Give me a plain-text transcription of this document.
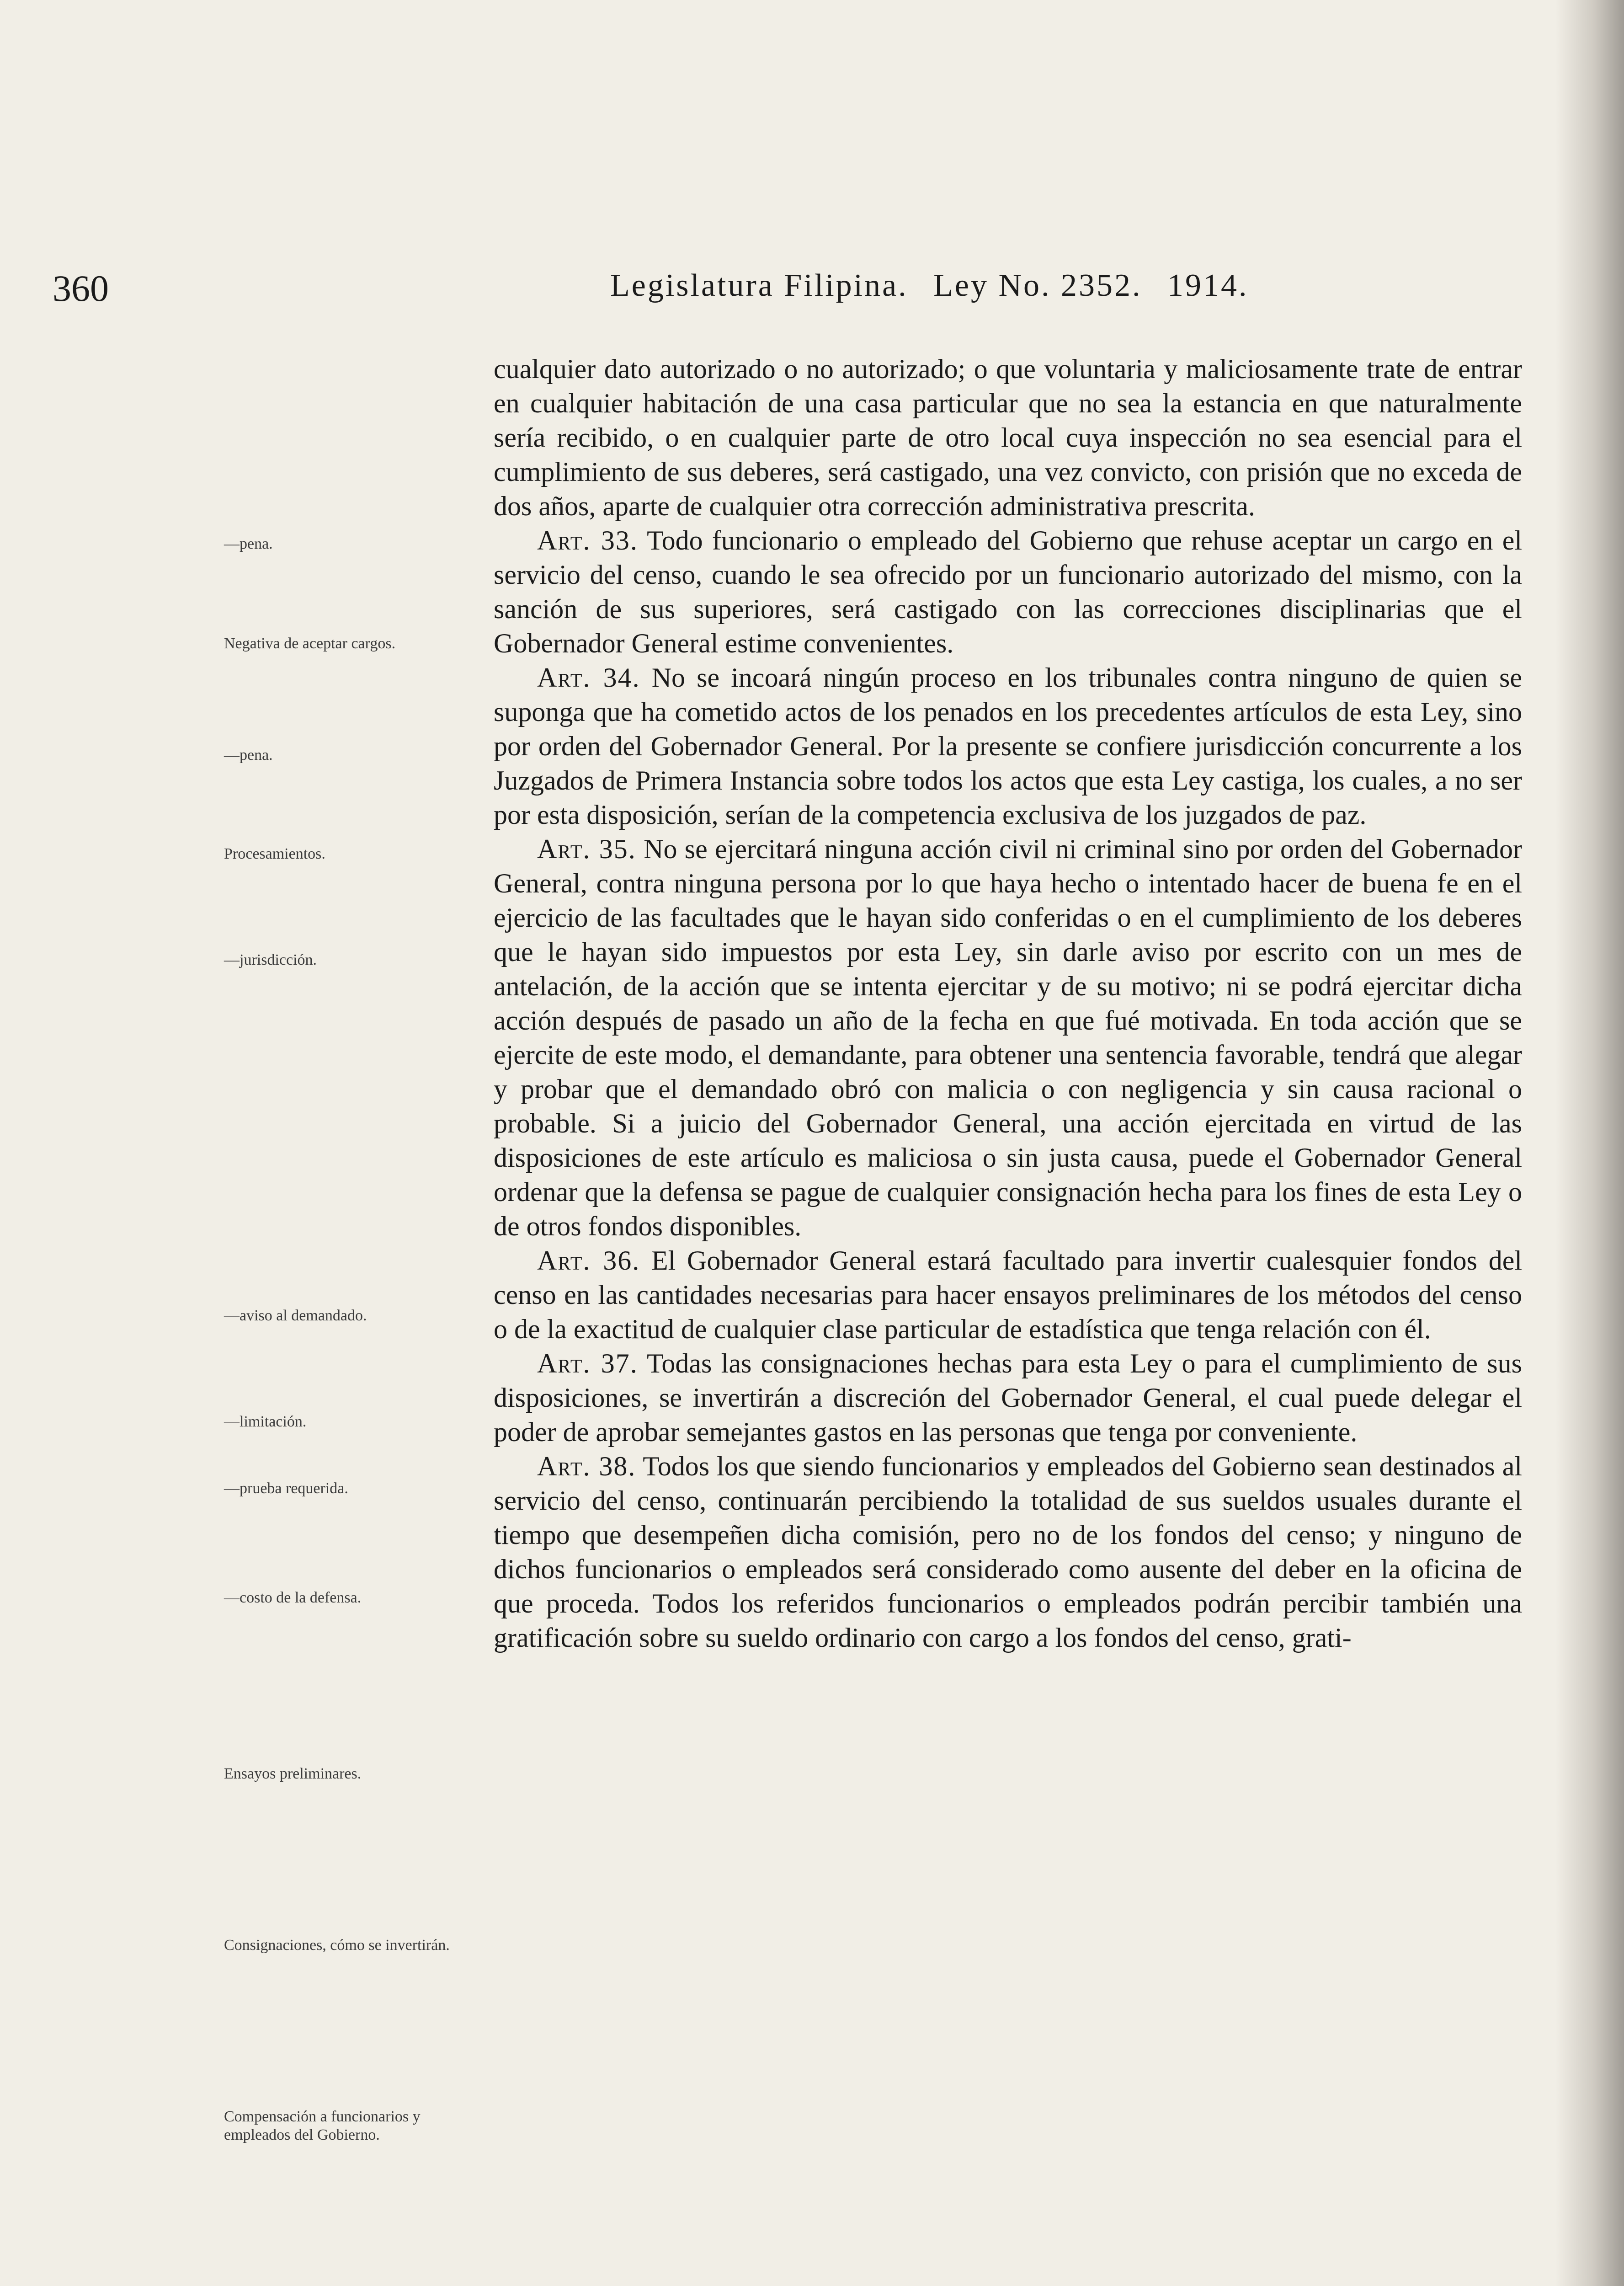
360	Legislatura Filipina. Ley No. 2352. 1914.
—pena.
Negativa de aceptar cargos.
—pena.
Procesamientos.
—jurisdicción.
—aviso al demandado.
—limitación.
—prueba requerida.
—costo de la defensa.
Ensayos preliminares.
Consignaciones, cómo se invertirán.
Compensación a funcionarios y empleados del Gobierno.

cualquier dato autorizado o no autorizado; o que voluntaria y maliciosamente trate de entrar en cualquier habitación de una casa particular que no sea la estancia en que naturalmente sería recibido, o en cualquier parte de otro local cuya inspección no sea esencial para el cumplimiento de sus deberes, será castigado, una vez convicto, con prisión que no exceda de dos años, aparte de cualquier otra corrección administrativa prescrita.

Art. 33. Todo funcionario o empleado del Gobierno que rehuse aceptar un cargo en el servicio del censo, cuando le sea ofrecido por un funcionario autorizado del mismo, con la sanción de sus superiores, será castigado con las correcciones disciplinarias que el Gobernador General estime convenientes.

Art. 34. No se incoará ningún proceso en los tribunales contra ninguno de quien se suponga que ha cometido actos de los penados en los precedentes artículos de esta Ley, sino por orden del Gobernador General. Por la presente se confiere jurisdicción concurrente a los Juzgados de Primera Instancia sobre todos los actos que esta Ley castiga, los cuales, a no ser por esta disposición, serían de la competencia exclusiva de los juzgados de paz.

Art. 35. No se ejercitará ninguna acción civil ni criminal sino por orden del Gobernador General, contra ninguna persona por lo que haya hecho o intentado hacer de buena fe en el ejercicio de las facultades que le hayan sido conferidas o en el cumplimiento de los deberes que le hayan sido impuestos por esta Ley, sin darle aviso por escrito con un mes de antelación, de la acción que se intenta ejercitar y de su motivo; ni se podrá ejercitar dicha acción después de pasado un año de la fecha en que fué motivada. En toda acción que se ejercite de este modo, el demandante, para obtener una sentencia favorable, tendrá que alegar y probar que el demandado obró con malicia o con negligencia y sin causa racional o probable. Si a juicio del Gobernador General, una acción ejercitada en virtud de las disposiciones de este artículo es maliciosa o sin justa causa, puede el Gobernador General ordenar que la defensa se pague de cualquier consignación hecha para los fines de esta Ley o de otros fondos disponibles.

Art. 36. El Gobernador General estará facultado para invertir cualesquier fondos del censo en las cantidades necesarias para hacer ensayos preliminares de los métodos del censo o de la exactitud de cualquier clase particular de estadística que tenga relación con él.

Art. 37. Todas las consignaciones hechas para esta Ley o para el cumplimiento de sus disposiciones, se invertirán a discreción del Gobernador General, el cual puede delegar el poder de aprobar semejantes gastos en las personas que tenga por conveniente.

Art. 38. Todos los que siendo funcionarios y empleados del Gobierno sean destinados al servicio del censo, continuarán percibiendo la totalidad de sus sueldos usuales durante el tiempo que desempeñen dicha comisión, pero no de los fondos del censo; y ninguno de dichos funcionarios o empleados será considerado como ausente del deber en la oficina de que proceda. Todos los referidos funcionarios o empleados podrán percibir también una gratificación sobre su sueldo ordinario con cargo a los fondos del censo, grati-
